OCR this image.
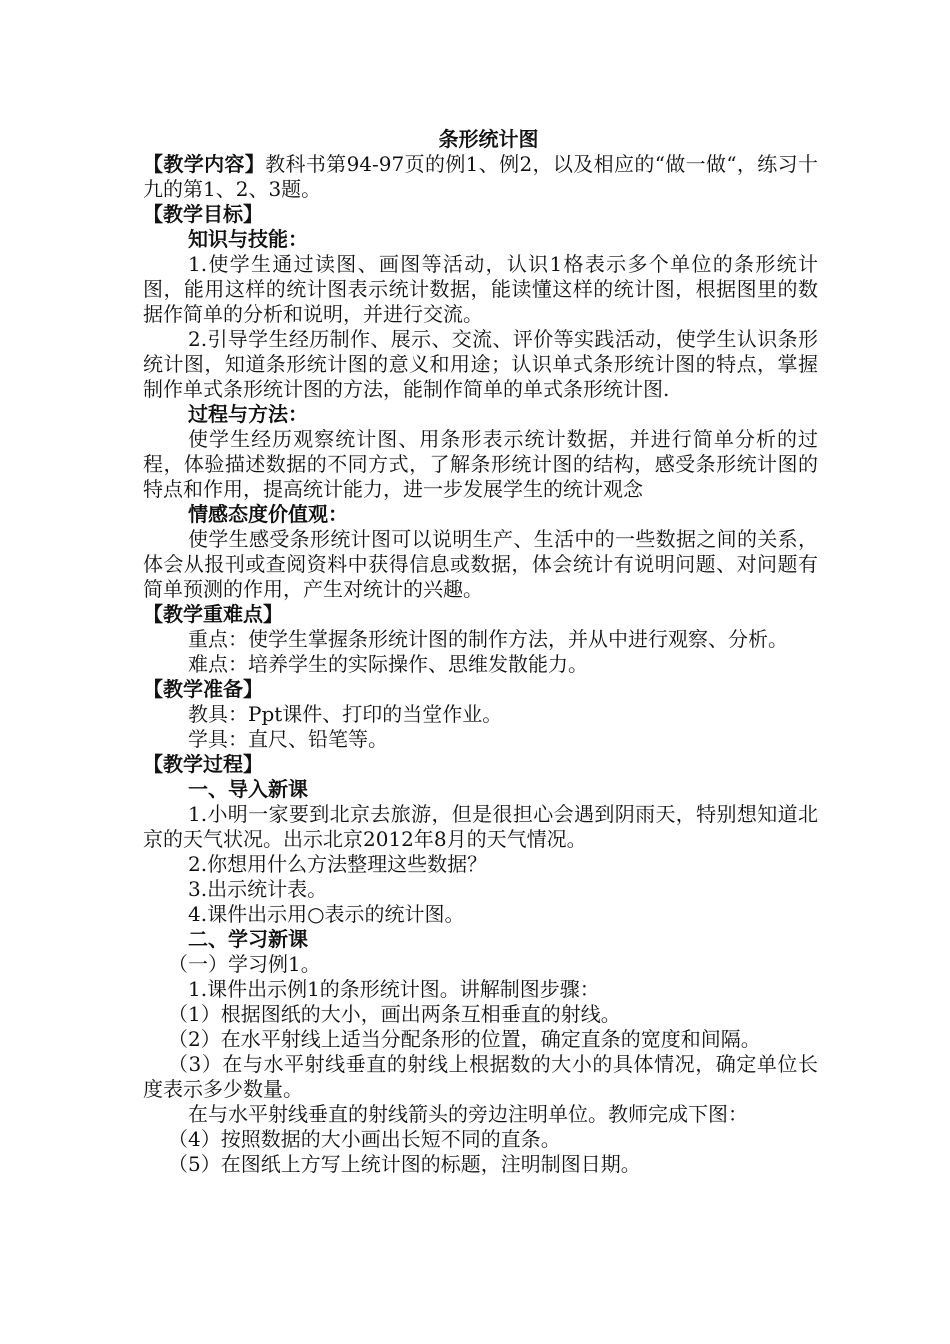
条形统计图

【教学内容】教科书第94-97页的例1、例2，以及相应的“做一做“，练习十九的第1、2、3题。

【教学目标】

知识与技能：

1.使学生通过读图、画图等活动，认识1格表示多个单位的条形统计图，能用这样的统计图表示统计数据，能读懂这样的统计图，根据图里的数据作简单的分析和说明，并进行交流。

2.引导学生经历制作、展示、交流、评价等实践活动，使学生认识条形统计图，知道条形统计图的意义和用途；认识单式条形统计图的特点，掌握制作单式条形统计图的方法，能制作简单的单式条形统计图.

过程与方法：

使学生经历观察统计图、用条形表示统计数据，并进行简单分析的过程，体验描述数据的不同方式，了解条形统计图的结构，感受条形统计图的特点和作用，提高统计能力，进一步发展学生的统计观念

情感态度价值观：

使学生感受条形统计图可以说明生产、生活中的一些数据之间的关系，体会从报刊或查阅资料中获得信息或数据，体会统计有说明问题、对问题有简单预测的作用，产生对统计的兴趣。

【教学重难点】

重点：使学生掌握条形统计图的制作方法，并从中进行观察、分析。

难点：培养学生的实际操作、思维发散能力。

【教学准备】

教具：Ppt课件、打印的当堂作业。

学具：直尺、铅笔等。

【教学过程】

一、导入新课

1.小明一家要到北京去旅游，但是很担心会遇到阴雨天，特别想知道北京的天气状况。出示北京2012年8月的天气情况。

2.你想用什么方法整理这些数据？

3.出示统计表。

4.课件出示用○表示的统计图。

二、学习新课

（一）学习例1。

1.课件出示例1的条形统计图。讲解制图步骤：

（1）根据图纸的大小，画出两条互相垂直的射线。

（2）在水平射线上适当分配条形的位置，确定直条的宽度和间隔。

（3）在与水平射线垂直的射线上根据数的大小的具体情况，确定单位长度表示多少数量。

在与水平射线垂直的射线箭头的旁边注明单位。教师完成下图：

（4）按照数据的大小画出长短不同的直条。

（5）在图纸上方写上统计图的标题，注明制图日期。
